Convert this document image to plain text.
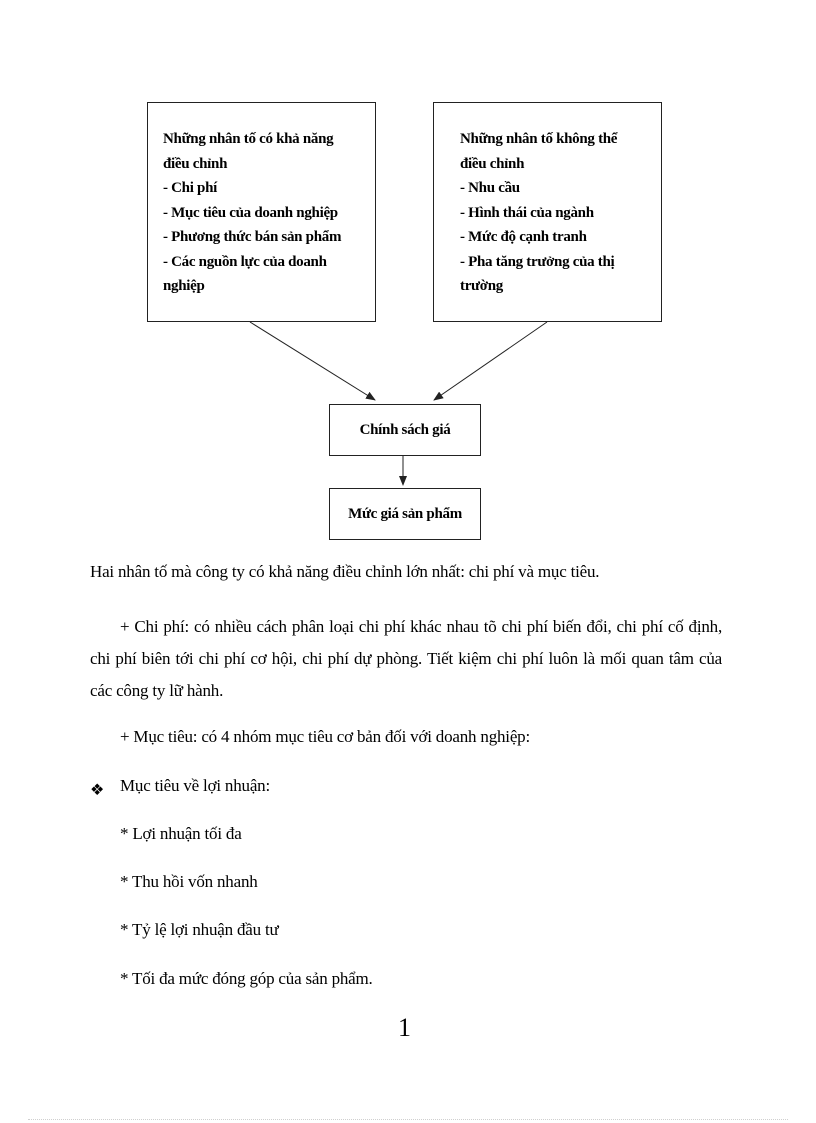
Những nhân tố có khả năng
điều chỉnh
- Chi phí
- Mục tiêu của doanh nghiệp
- Phương thức bán sản phẩm
- Các nguồn lực của doanh
nghiệp
Những nhân tố không thể
điều chỉnh
- Nhu cầu
- Hình thái của ngành
- Mức độ cạnh tranh
- Pha tăng trưởng của thị
trường
Chính sách giá
Mức giá sản phẩm
Hai nhân tố mà công ty có khả năng điều chỉnh lớn nhất: chi phí và mục tiêu.
+ Chi phí: có nhiều cách phân loại chi phí khác nhau tõ chi phí biến đổi, chi phí cố định, chi phí biên tới chi phí cơ hội, chi phí dự phòng. Tiết kiệm chi phí luôn là mối quan tâm của các công ty lữ hành.
+ Mục tiêu: có 4 nhóm mục tiêu cơ bản đối với doanh nghiệp:
❖ Mục tiêu về lợi nhuận:
* Lợi nhuận tối đa
* Thu hồi vốn nhanh
* Tỷ lệ lợi nhuận đầu tư
* Tối đa mức đóng góp của sản phẩm.
1
